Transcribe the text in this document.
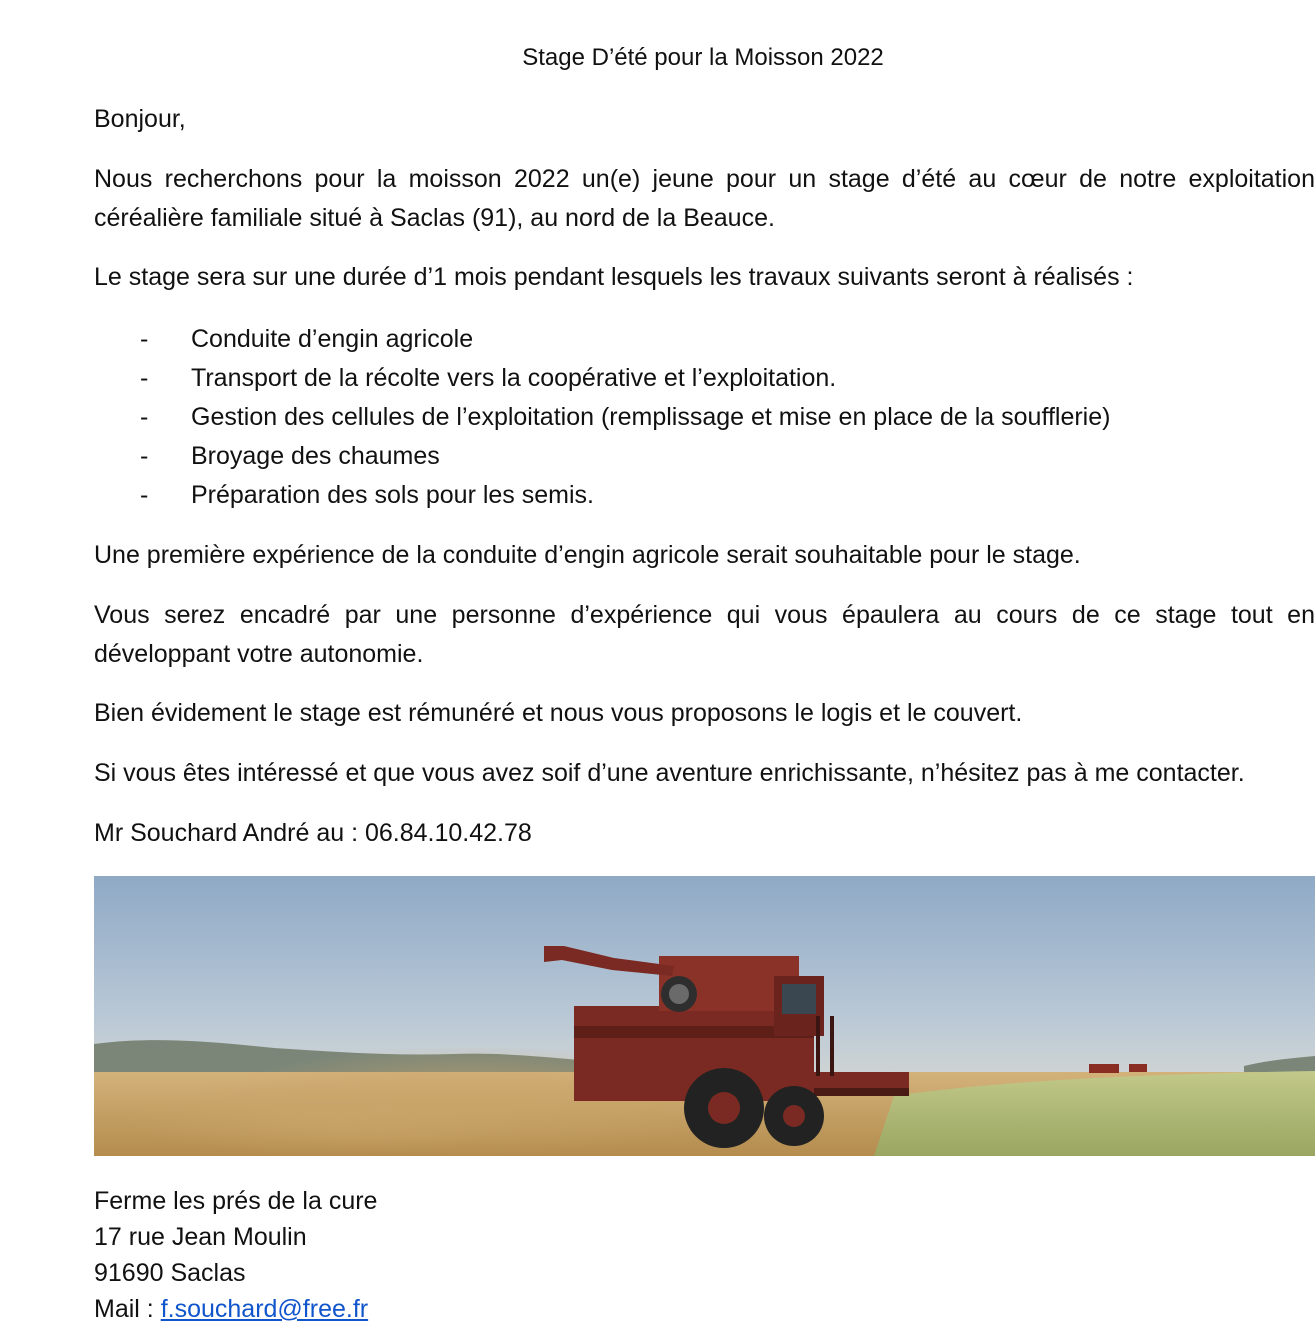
Stage D’été pour la Moisson 2022

Bonjour,

Nous recherchons pour la moisson 2022 un(e) jeune pour un stage d’été au cœur de notre exploitation céréalière familiale situé à Saclas (91), au nord de la Beauce.

Le stage sera sur une durée d’1 mois pendant lesquels les travaux suivants seront à réalisés :

- Conduite d’engin agricole
- Transport de la récolte vers la coopérative et l’exploitation.
- Gestion des cellules de l’exploitation (remplissage et mise en place de la soufflerie)
- Broyage des chaumes
- Préparation des sols pour les semis.

Une première expérience de la conduite d’engin agricole serait souhaitable pour le stage.

Vous serez encadré par une personne d’expérience qui vous épaulera au cours de ce stage tout en développant votre autonomie.

Bien évidement le stage est rémunéré et nous vous proposons le logis et le couvert.

Si vous êtes intéressé et que vous avez soif d’une aventure enrichissante, n’hésitez pas à me contacter.

Mr Souchard André au : 06.84.10.42.78

Ferme les prés de la cure
17 rue Jean Moulin
91690 Saclas
Mail : f.souchard@free.fr
